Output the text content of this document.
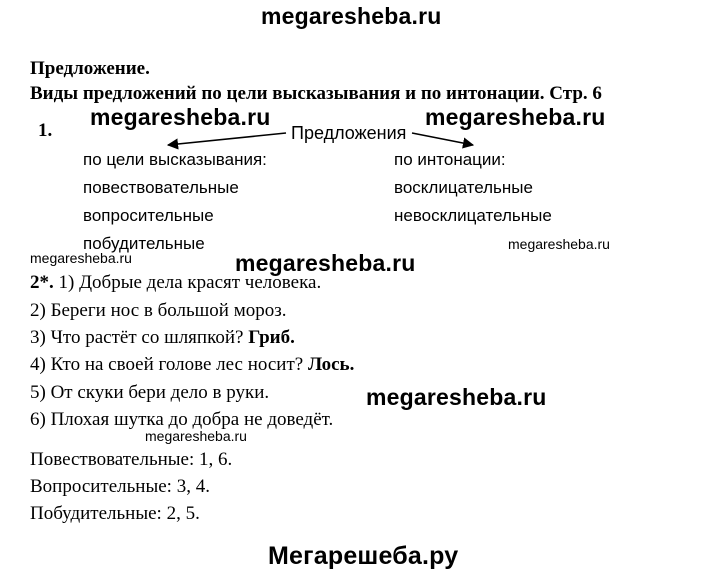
megaresheba.ru
megaresheba.ru	megaresheba.ru
megaresheba.ru	megaresheba.ru
megaresheba.ru
megaresheba.ru
megaresheba.ru
Мегарешеба.ру
Предложение.
Виды предложений по цели высказывания и по интонации. Стр. 6
1.	Предложения
по цели высказывания:
повествовательные
вопросительные
побудительные
по интонации:
восклицательные
невосклицательные
2*. 1) Добрые дела красят человека.
2) Береги нос в большой мороз.
3) Что растёт со шляпкой? Гриб.
4) Кто на своей голове лес носит? Лось.
5) От скуки бери дело в руки.
6) Плохая шутка до добра не доведёт.
Повествовательные: 1, 6.
Вопросительные: 3, 4.
Побудительные: 2, 5.
